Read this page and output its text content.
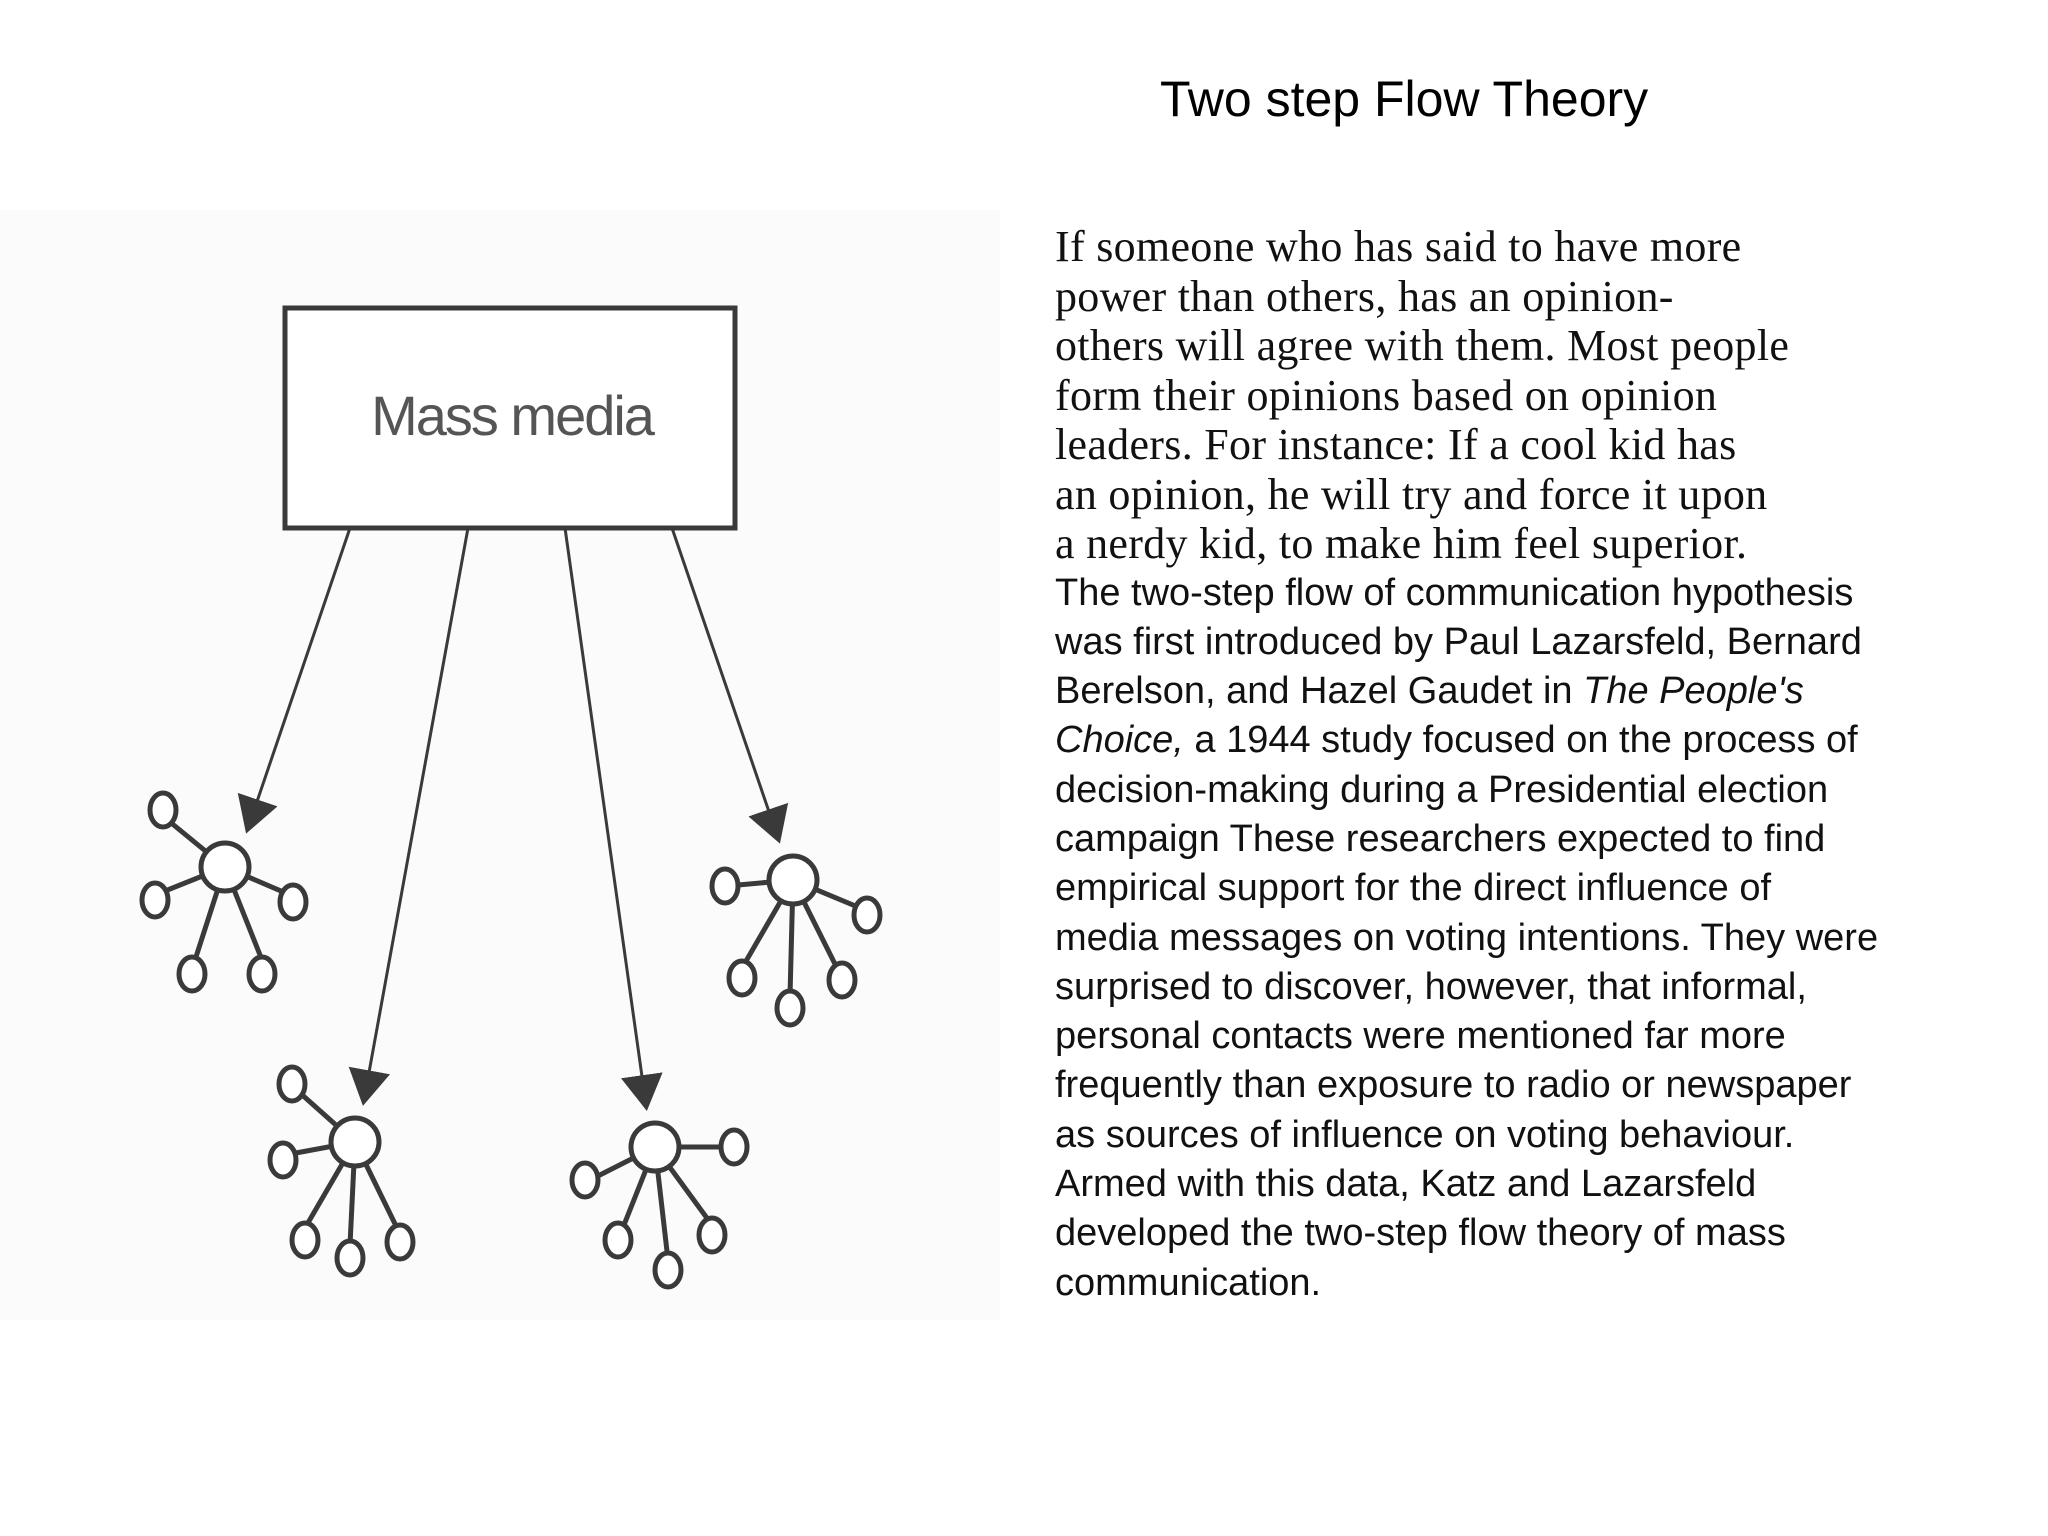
Two step Flow Theory
Mass media

If someone who has said to have more
power than others, has an opinion-
others will agree with them. Most people
form their opinions based on opinion
leaders. For instance: If a cool kid has
an opinion, he will try and force it upon
a nerdy kid, to make him feel superior.

The two-step flow of communication hypothesis
was first introduced by Paul Lazarsfeld, Bernard
Berelson, and Hazel Gaudet in The People's
Choice, a 1944 study focused on the process of
decision-making during a Presidential election
campaign These researchers expected to find
empirical support for the direct influence of
media messages on voting intentions. They were
surprised to discover, however, that informal,
personal contacts were mentioned far more
frequently than exposure to radio or newspaper
as sources of influence on voting behaviour.
Armed with this data, Katz and Lazarsfeld
developed the two-step flow theory of mass
communication.
